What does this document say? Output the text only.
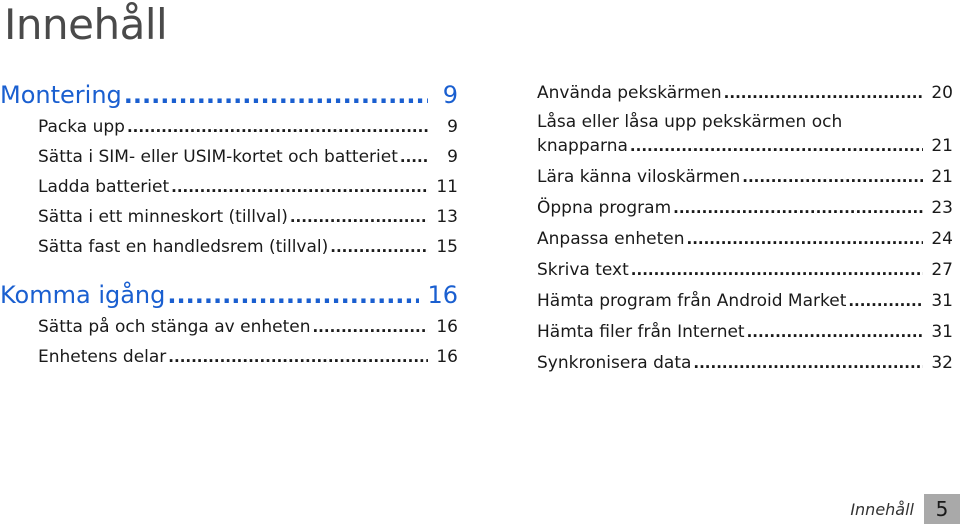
Innehåll
Montering .....	9
Packa upp .....	9
Sätta i SIM- eller USIM-kortet och batteriet .....	9
Ladda batteriet .....	11
Sätta i ett minneskort (tillval) .....	13
Sätta fast en handledsrem (tillval) .....	15
Komma igång .....	16
Sätta på och stänga av enheten .....	16
Enhetens delar .....	16
Använda pekskärmen .....	20
Låsa eller låsa upp pekskärmen och
knapparna .....	21
Lära känna viloskärmen .....	21
Öppna program .....	23
Anpassa enheten .....	24
Skriva text .....	27
Hämta program från Android Market .....	31
Hämta filer från Internet .....	31
Synkronisera data .....	32
Innehåll	5
